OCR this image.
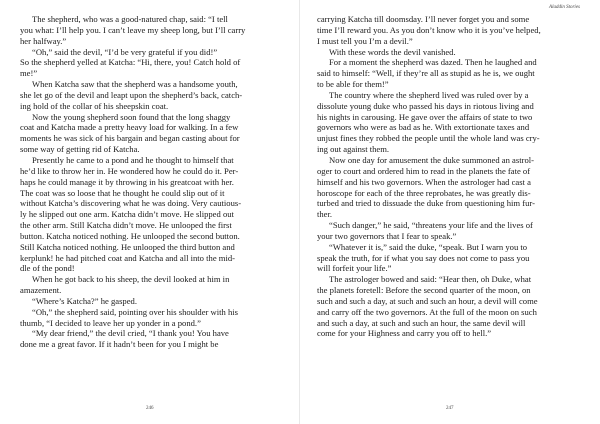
The shepherd, who was a good-natured chap, said: “I tell
you what: I’ll help you. I can’t leave my sheep long, but I’ll carry
her halfway.”
“Oh,” said the devil, “I’d be very grateful if you did!”
So the shepherd yelled at Katcha: “Hi, there, you! Catch hold of
me!”
When Katcha saw that the shepherd was a handsome youth,
she let go of the devil and leapt upon the shepherd’s back, catch-
ing hold of the collar of his sheepskin coat.
Now the young shepherd soon found that the long shaggy
coat and Katcha made a pretty heavy load for walking. In a few
moments he was sick of his bargain and began casting about for
some way of getting rid of Katcha.
Presently he came to a pond and he thought to himself that
he’d like to throw her in. He wondered how he could do it. Per-
haps he could manage it by throwing in his greatcoat with her.
The coat was so loose that he thought he could slip out of it
without Katcha’s discovering what he was doing. Very cautious-
ly he slipped out one arm. Katcha didn’t move. He slipped out
the other arm. Still Katcha didn’t move. He unlooped the first
button. Katcha noticed nothing. He unlooped the second button.
Still Katcha noticed nothing. He unlooped the third button and
kerplunk! he had pitched coat and Katcha and all into the mid-
dle of the pond!
When he got back to his sheep, the devil looked at him in
amazement.
“Where’s Katcha?” he gasped.
“Oh,” the shepherd said, pointing over his shoulder with his
thumb, “I decided to leave her up yonder in a pond.”
“My dear friend,” the devil cried, “I thank you! You have
done me a great favor. If it hadn’t been for you I might be
246
Aladdin Stories
carrying Katcha till doomsday. I’ll never forget you and some
time I’ll reward you. As you don’t know who it is you’ve helped,
I must tell you I’m a devil.”
With these words the devil vanished.
For a moment the shepherd was dazed. Then he laughed and
said to himself: “Well, if they’re all as stupid as he is, we ought
to be able for them!”
The country where the shepherd lived was ruled over by a
dissolute young duke who passed his days in riotous living and
his nights in carousing. He gave over the affairs of state to two
governors who were as bad as he. With extortionate taxes and
unjust fines they robbed the people until the whole land was cry-
ing out against them.
Now one day for amusement the duke summoned an astrol-
oger to court and ordered him to read in the planets the fate of
himself and his two governors. When the astrologer had cast a
horoscope for each of the three reprobates, he was greatly dis-
turbed and tried to dissuade the duke from questioning him fur-
ther.
“Such danger,” he said, “threatens your life and the lives of
your two governors that I fear to speak.”
“Whatever it is,” said the duke, “speak. But I warn you to
speak the truth, for if what you say does not come to pass you
will forfeit your life.”
The astrologer bowed and said: “Hear then, oh Duke, what
the planets foretell: Before the second quarter of the moon, on
such and such a day, at such and such an hour, a devil will come
and carry off the two governors. At the full of the moon on such
and such a day, at such and such an hour, the same devil will
come for your Highness and carry you off to hell.”
247
